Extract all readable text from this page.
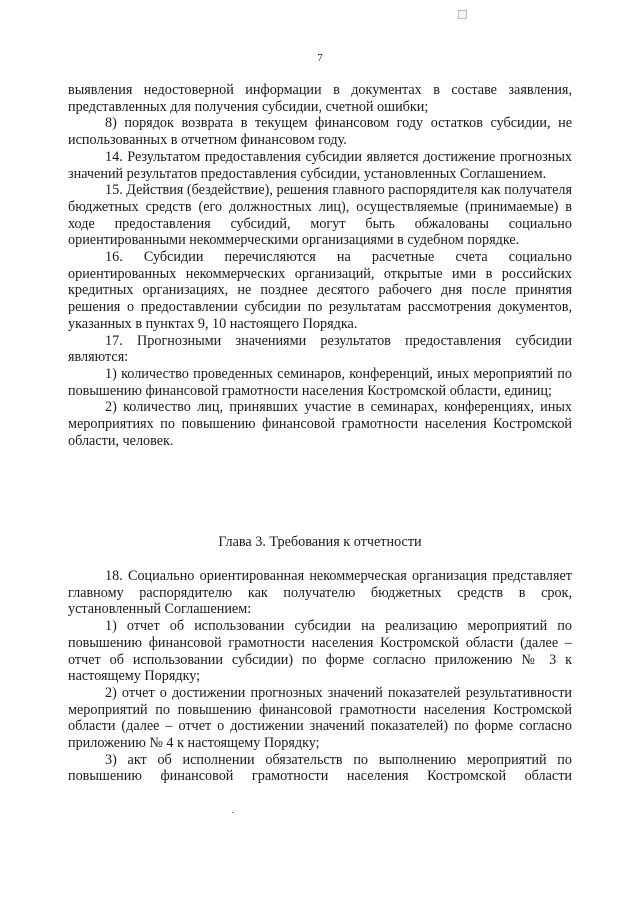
7

выявления недостоверной информации в документах в составе заявления, представленных для получения субсидии, счетной ошибки;

8) порядок возврата в текущем финансовом году остатков субсидии, не использованных в отчетном финансовом году.

14. Результатом предоставления субсидии является достижение прогнозных значений результатов предоставления субсидии, установленных Соглашением.

15. Действия (бездействие), решения главного распорядителя как получателя бюджетных средств (его должностных лиц), осуществляемые (принимаемые) в ходе предоставления субсидий, могут быть обжалованы социально ориентированными некоммерческими организациями в судебном порядке.

16. Субсидии перечисляются на расчетные счета социально ориентированных некоммерческих организаций, открытые ими в российских кредитных организациях, не позднее десятого рабочего дня после принятия решения о предоставлении субсидии по результатам рассмотрения документов, указанных в пунктах 9, 10 настоящего Порядка.

17. Прогнозными значениями результатов предоставления субсидии являются:

1) количество проведенных семинаров, конференций, иных мероприятий по повышению финансовой грамотности населения Костромской области, единиц;

2) количество лиц, принявших участие в семинарах, конференциях, иных мероприятиях по повышению финансовой грамотности населения Костромской области, человек.

Глава 3. Требования к отчетности

18. Социально ориентированная некоммерческая организация представляет главному распорядителю как получателю бюджетных средств в срок, установленный Соглашением:

1) отчет об использовании субсидии на реализацию мероприятий по повышению финансовой грамотности населения Костромской области (далее – отчет об использовании субсидии) по форме согласно приложению № 3 к настоящему Порядку;

2) отчет о достижении прогнозных значений показателей результативности мероприятий по повышению финансовой грамотности населения Костромской области (далее – отчет о достижении значений показателей) по форме согласно приложению № 4 к настоящему Порядку;

3) акт об исполнении обязательств по выполнению мероприятий по повышению финансовой грамотности населения Костромской области
